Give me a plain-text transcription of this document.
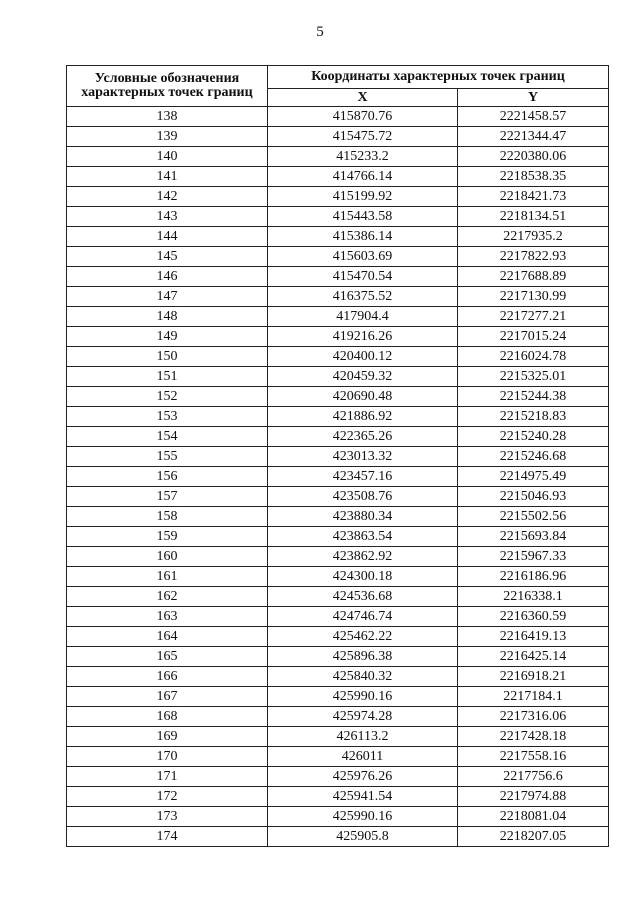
5
Условные обозначения характерных точек границ	Координаты характерных точек границ	
	X	Y
138	415870.76	2221458.57
139	415475.72	2221344.47
140	415233.2	2220380.06
141	414766.14	2218538.35
142	415199.92	2218421.73
143	415443.58	2218134.51
144	415386.14	2217935.2
145	415603.69	2217822.93
146	415470.54	2217688.89
147	416375.52	2217130.99
148	417904.4	2217277.21
149	419216.26	2217015.24
150	420400.12	2216024.78
151	420459.32	2215325.01
152	420690.48	2215244.38
153	421886.92	2215218.83
154	422365.26	2215240.28
155	423013.32	2215246.68
156	423457.16	2214975.49
157	423508.76	2215046.93
158	423880.34	2215502.56
159	423863.54	2215693.84
160	423862.92	2215967.33
161	424300.18	2216186.96
162	424536.68	2216338.1
163	424746.74	2216360.59
164	425462.22	2216419.13
165	425896.38	2216425.14
166	425840.32	2216918.21
167	425990.16	2217184.1
168	425974.28	2217316.06
169	426113.2	2217428.18
170	426011	2217558.16
171	425976.26	2217756.6
172	425941.54	2217974.88
173	425990.16	2218081.04
174	425905.8	2218207.05
